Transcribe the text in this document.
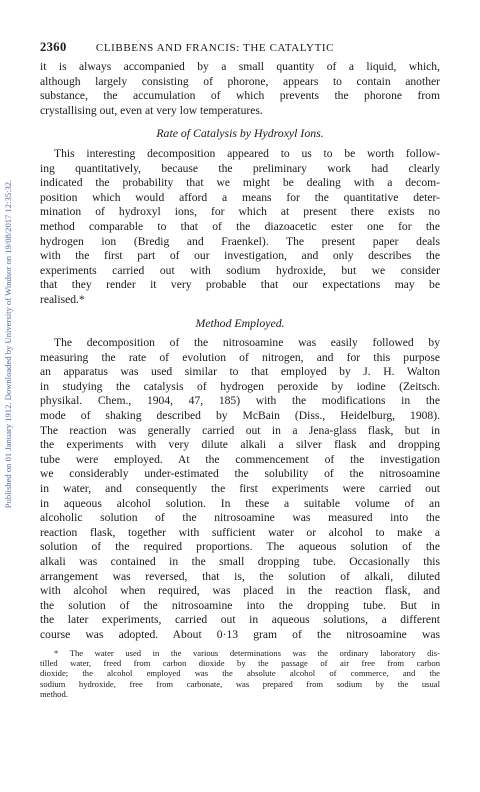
Published on 01 January 1912. Downloaded by University of Windsor on 19/08/2017 12:35:32.
2360	CLIBBENS AND FRANCIS: THE CATALYTIC

it is always accompanied by a small quantity of a liquid, which,
although largely consisting of phorone, appears to contain another
substance, the accumulation of which prevents the phorone from
crystallising out, even at very low temperatures.

Rate of Catalysis by Hydroxyl Ions.

This interesting decomposition appeared to us to be worth follow-
ing quantitatively, because the preliminary work had clearly
indicated the probability that we might be dealing with a decom-
position which would afford a means for the quantitative deter-
mination of hydroxyl ions, for which at present there exists no
method comparable to that of the diazoacetic ester one for the
hydrogen ion (Bredig and Fraenkel). The present paper deals
with the first part of our investigation, and only describes the
experiments carried out with sodium hydroxide, but we consider
that they render it very probable that our expectations may be
realised.*

Method Employed.

The decomposition of the nitrosoamine was easily followed by
measuring the rate of evolution of nitrogen, and for this purpose
an apparatus was used similar to that employed by J. H. Walton
in studying the catalysis of hydrogen peroxide by iodine (Zeitsch.
physikal. Chem., 1904, 47, 185) with the modifications in the
mode of shaking described by McBain (Diss., Heidelburg, 1908).
The reaction was generally carried out in a Jena-glass flask, but in
the experiments with very dilute alkali a silver flask and dropping
tube were employed. At the commencement of the investigation
we considerably under-estimated the solubility of the nitrosoamine
in water, and consequently the first experiments were carried out
in aqueous alcohol solution. In these a suitable volume of an
alcoholic solution of the nitrosoamine was measured into the
reaction flask, together with sufficient water or alcohol to make a
solution of the required proportions. The aqueous solution of the
alkali was contained in the small dropping tube. Occasionally this
arrangement was reversed, that is, the solution of alkali, diluted
with alcohol when required, was placed in the reaction flask, and
the solution of the nitrosoamine into the dropping tube. But in
the later experiments, carried out in aqueous solutions, a different
course was adopted. About 0·13 gram of the nitrosoamine was

* The water used in the various determinations was the ordinary laboratory dis-
tilled water, freed from carbon dioxide by the passage of air free from carbon
dioxide; the alcohol employed was the absolute alcohol of commerce, and the
sodium hydroxide, free from carbonate, was prepared from sodium by the usual
method.
